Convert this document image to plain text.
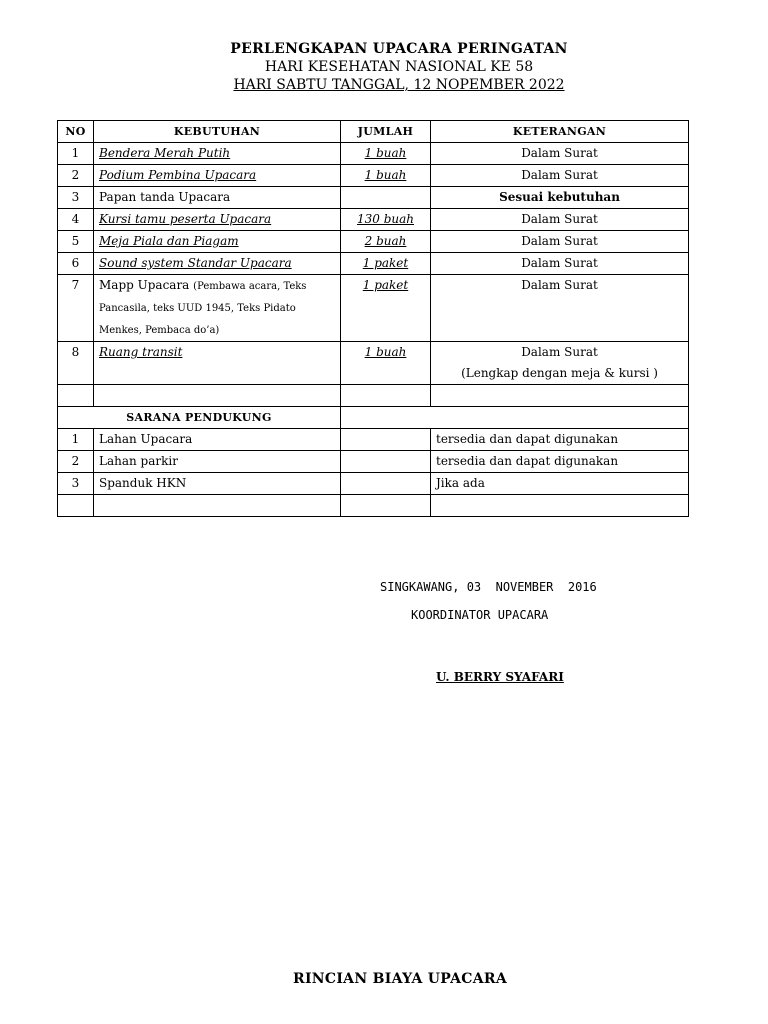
PERLENGKAPAN UPACARA PERINGATAN
HARI KESEHATAN NASIONAL KE 58
HARI SABTU TANGGAL, 12 NOPEMBER 2022
NO	KEBUTUHAN	JUMLAH	KETERANGAN
1	Bendera Merah Putih	1 buah	Dalam Surat
2	Podium Pembina Upacara	1 buah	Dalam Surat
3	Papan tanda Upacara		Sesuai kebutuhan
4	Kursi tamu peserta Upacara	130 buah	Dalam Surat
5	Meja Piala dan Piagam	2 buah	Dalam Surat
6	Sound system Standar Upacara	1 paket	Dalam Surat
7	Mapp Upacara (Pembawa acara, Teks Pancasila, teks UUD 1945, Teks Pidato Menkes, Pembaca do’a)	1 paket	Dalam Surat
8	Ruang transit	1 buah	Dalam Surat
(Lengkap dengan meja & kursi )

SARANA PENDUKUNG			
1	Lahan Upacara		tersedia dan dapat digunakan
2	Lahan parkir		tersedia dan dapat digunakan
3	Spanduk HKN		Jika ada

SINGKAWANG, 03  NOVEMBER  2016
KOORDINATOR UPACARA
U. BERRY SYAFARI
RINCIAN BIAYA UPACARA
